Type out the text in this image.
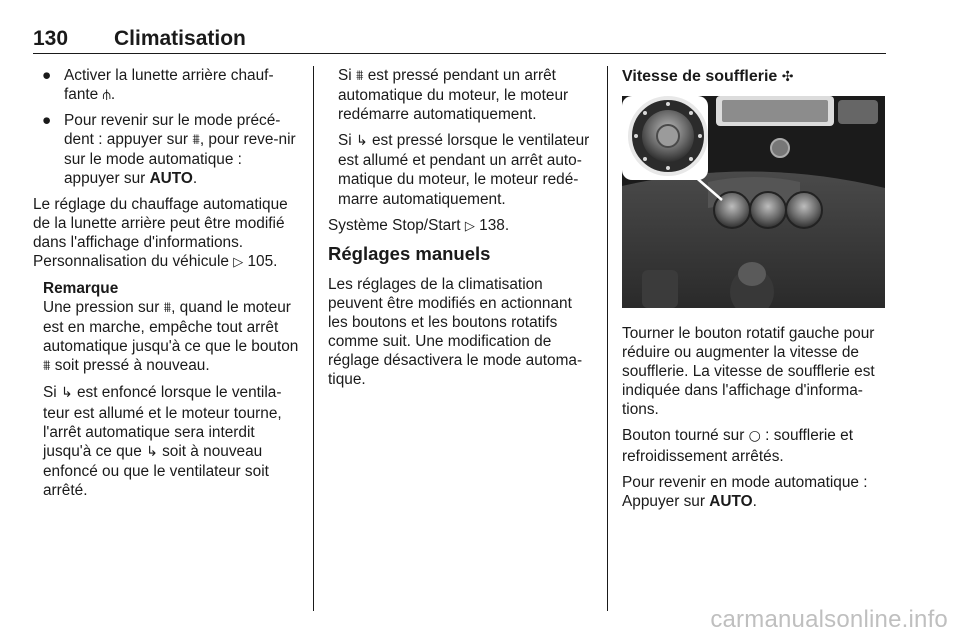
130 Climatisation
● Activer la lunette arrière chauf-fante ⫛.
● Pour revenir sur le mode précé-dent : appuyer sur ⩩, pour reve-nir sur le mode automatique : appuyer sur AUTO.

Le réglage du chauffage automatique de la lunette arrière peut être modifié dans l'affichage d'informations. Personnalisation du véhicule ▷ 105.

Remarque

Une pression sur ⩩, quand le moteur est en marche, empêche tout arrêt automatique jusqu'à ce que le bouton ⩩ soit pressé à nouveau.

Si ↳ est enfoncé lorsque le ventila-teur est allumé et le moteur tourne, l'arrêt automatique sera interdit jusqu'à ce que ↳ soit à nouveau enfoncé ou que le ventilateur soit arrêté.

Si ⩩ est pressé pendant un arrêt automatique du moteur, le moteur redémarre automatiquement.

Si ↳ est pressé lorsque le ventilateur est allumé et pendant un arrêt auto-matique du moteur, le moteur redé-marre automatiquement.

Système Stop/Start ▷ 138.

Réglages manuels

Les réglages de la climatisation peuvent être modifiés en actionnant les boutons et les boutons rotatifs comme suit. Une modification de réglage désactivera le mode automa-tique.

Vitesse de soufflerie ✣

Tourner le bouton rotatif gauche pour réduire ou augmenter la vitesse de soufflerie. La vitesse de soufflerie est indiquée dans l'affichage d'informa-tions.

Bouton tourné sur ○ : soufflerie et refroidissement arrêtés.

Pour revenir en mode automatique : Appuyer sur AUTO.

carmanualsonline.info
